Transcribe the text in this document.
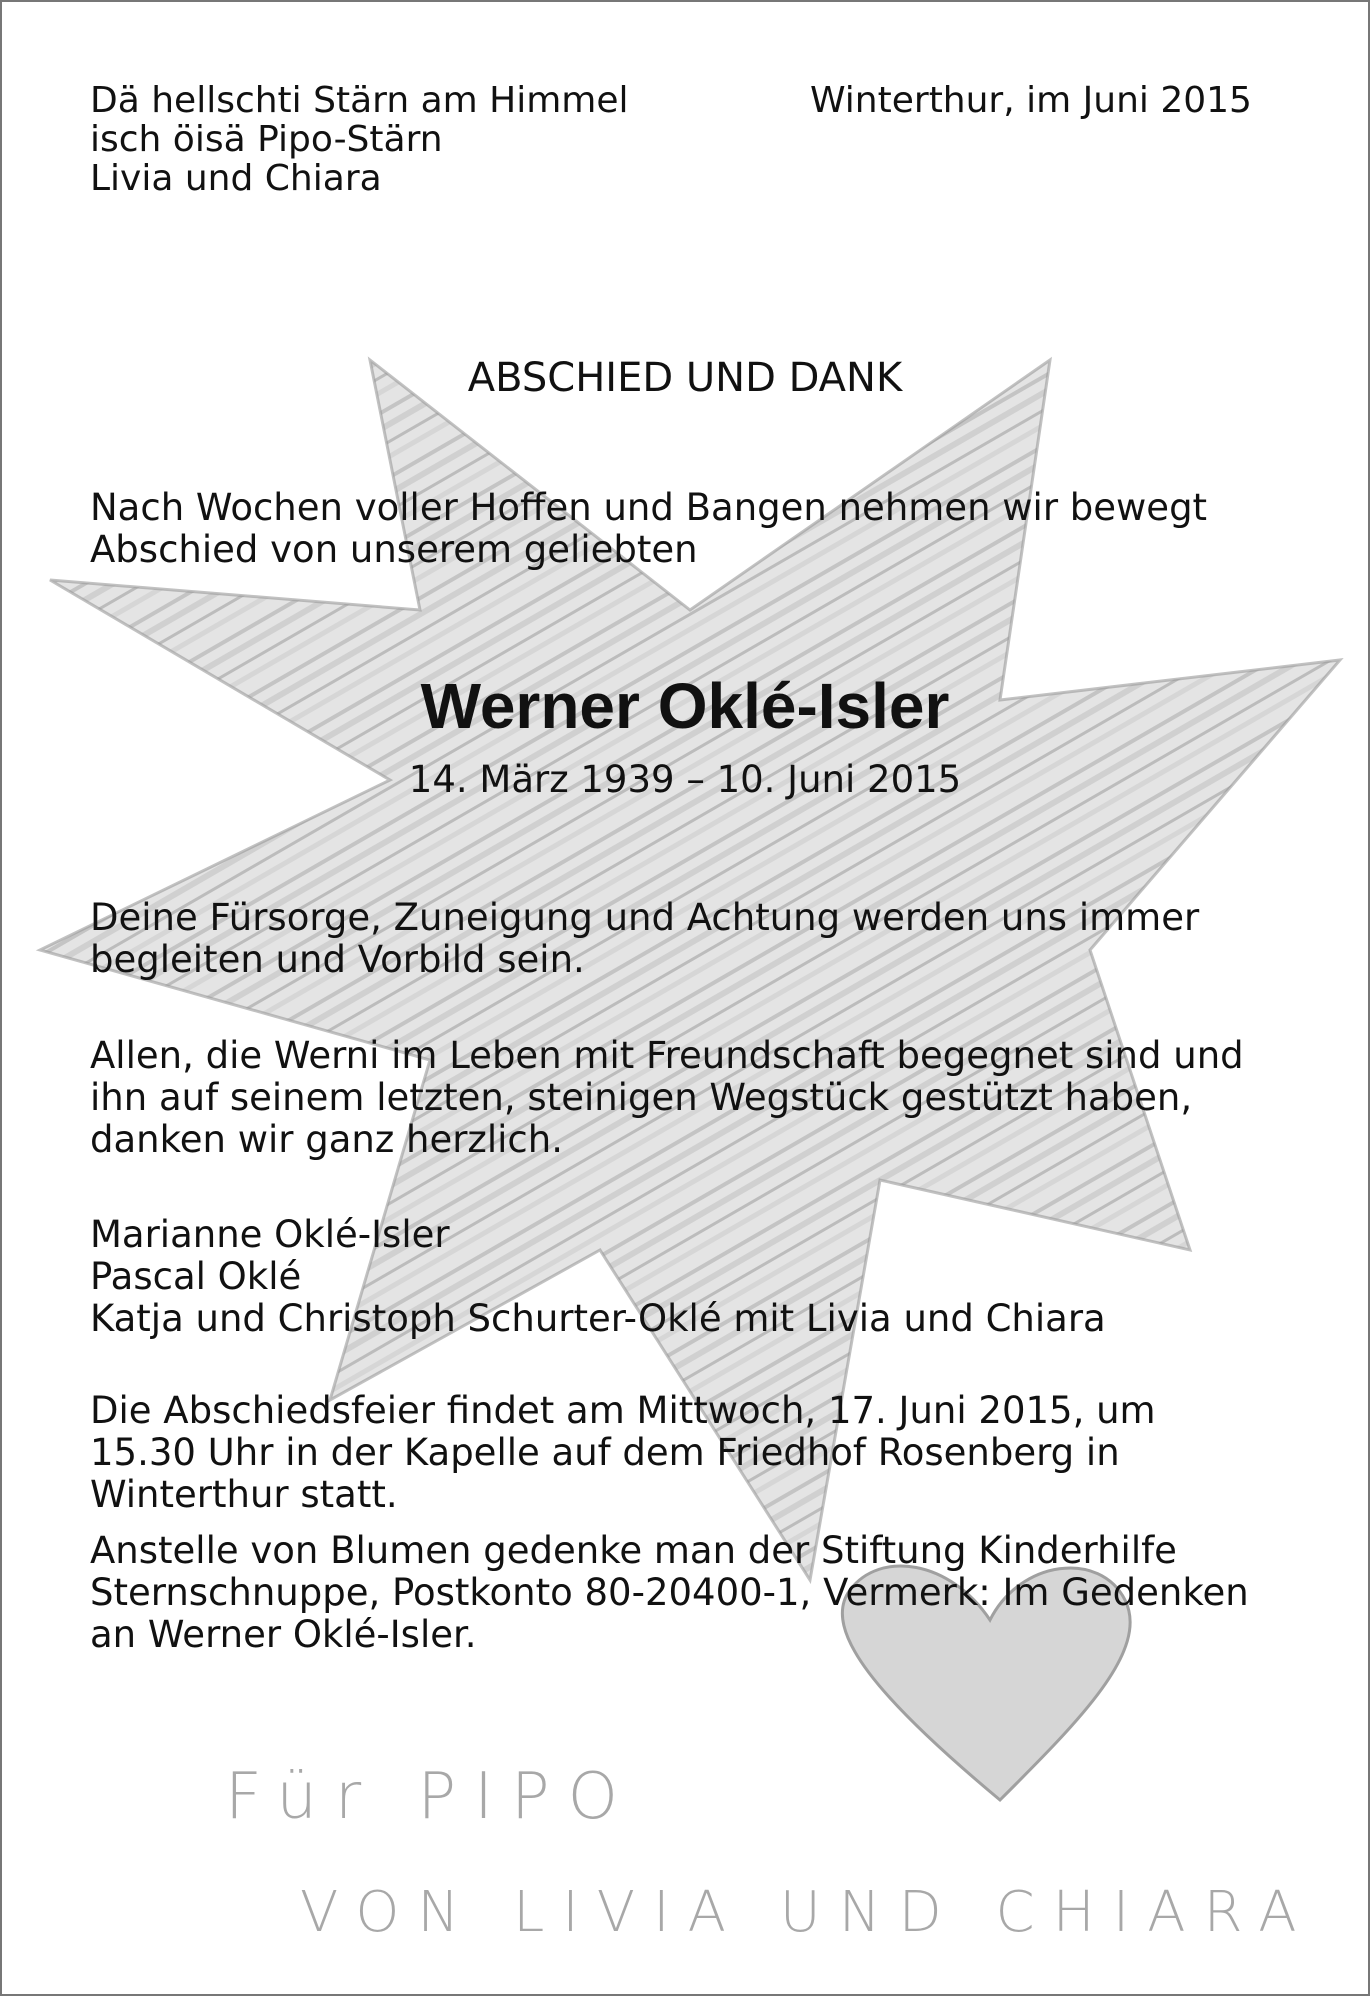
Dä hellschti Stärn am Himmel
isch öisä Pipo-Stärn
Livia und Chiara
Winterthur, im Juni 2015
ABSCHIED UND DANK
Nach Wochen voller Hoffen und Bangen nehmen wir bewegt
Abschied von unserem geliebten
Werner Oklé-Isler
14. März 1939 – 10. Juni 2015
Deine Fürsorge, Zuneigung und Achtung werden uns immer
begleiten und Vorbild sein.
Allen, die Werni im Leben mit Freundschaft begegnet sind und
ihn auf seinem letzten, steinigen Wegstück gestützt haben,
danken wir ganz herzlich.
Marianne Oklé-Isler
Pascal Oklé
Katja und Christoph Schurter-Oklé mit Livia und Chiara
Die Abschiedsfeier findet am Mittwoch, 17. Juni 2015, um
15.30 Uhr in der Kapelle auf dem Friedhof Rosenberg in
Winterthur statt.
Anstelle von Blumen gedenke man der Stiftung Kinderhilfe
Sternschnuppe, Postkonto 80-20400-1, Vermerk: Im Gedenken
an Werner Oklé-Isler.
Für PIPO
VON LIVIA UND CHIARA
